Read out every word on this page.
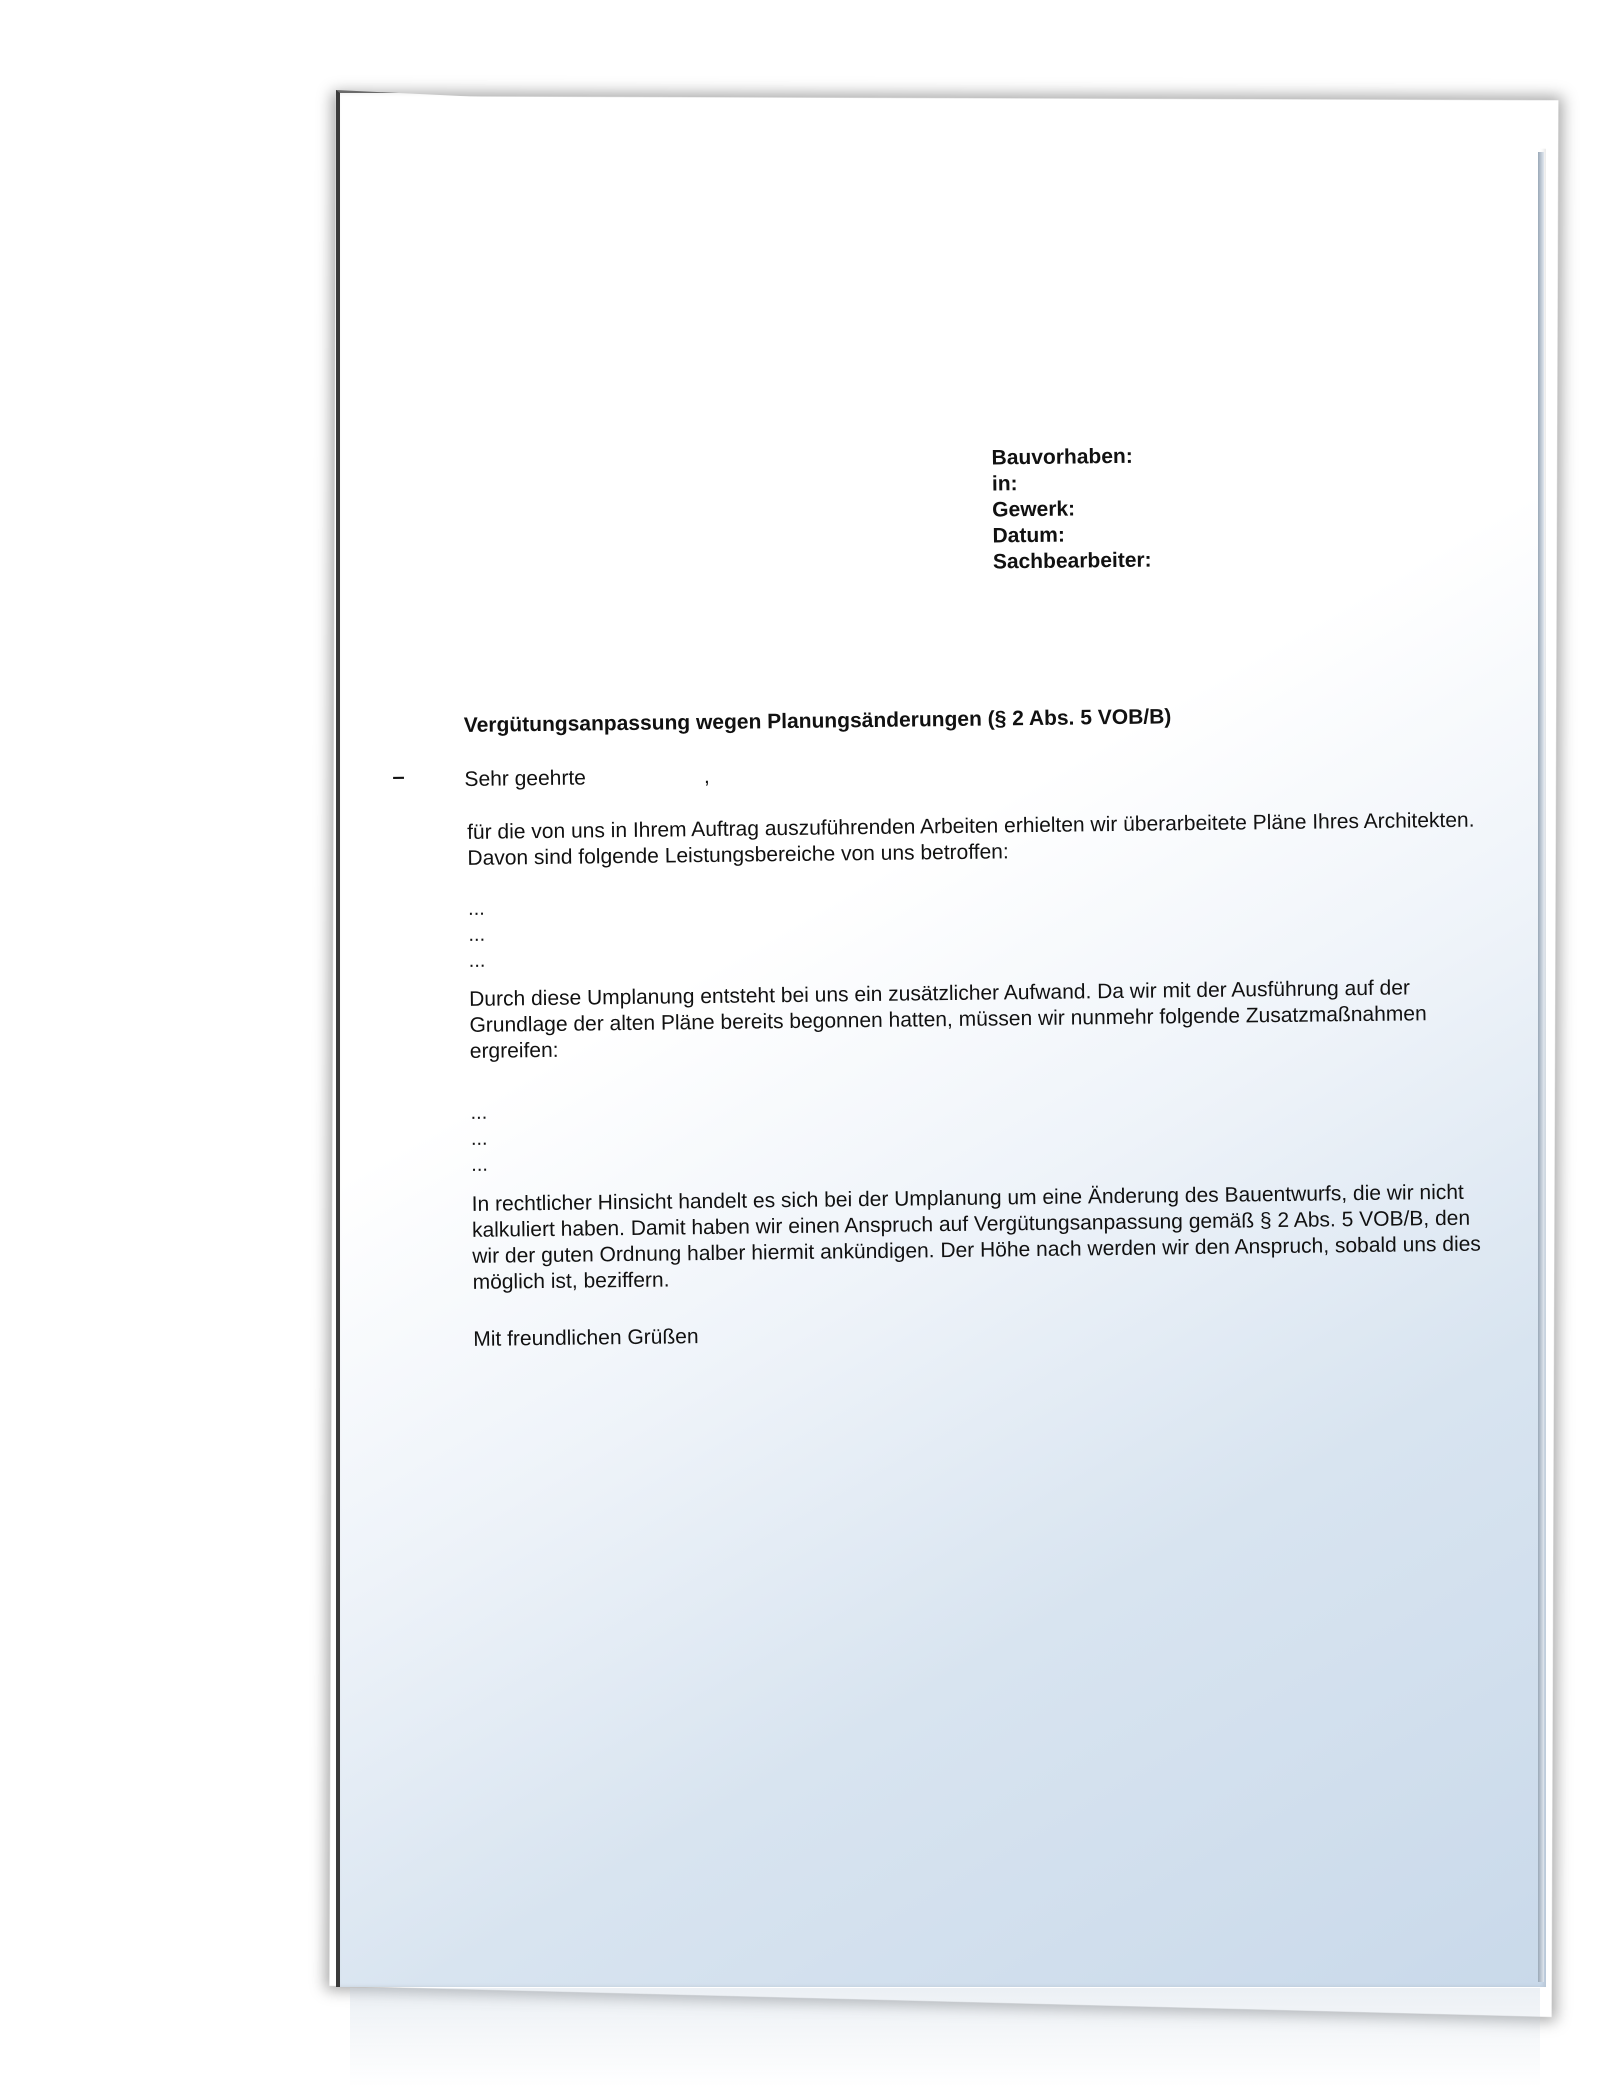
Bauvorhaben:
in:
Gewerk:
Datum:
Sachbearbeiter:
Vergütungsanpassung wegen Planungsänderungen (§ 2 Abs. 5 VOB/B)
–	Sehr geehrte	,
für die von uns in Ihrem Auftrag auszuführenden Arbeiten erhielten wir überarbeitete Pläne Ihres Architekten.
Davon sind folgende Leistungsbereiche von uns betroffen:
...
...
...
Durch diese Umplanung entsteht bei uns ein zusätzlicher Aufwand. Da wir mit der Ausführung auf der
Grundlage der alten Pläne bereits begonnen hatten, müssen wir nunmehr folgende Zusatzmaßnahmen
ergreifen:
...
...
...
In rechtlicher Hinsicht handelt es sich bei der Umplanung um eine Änderung des Bauentwurfs, die wir nicht
kalkuliert haben. Damit haben wir einen Anspruch auf Vergütungsanpassung gemäß § 2 Abs. 5 VOB/B, den
wir der guten Ordnung halber hiermit ankündigen. Der Höhe nach werden wir den Anspruch, sobald uns dies
möglich ist, beziffern.
Mit freundlichen Grüßen
